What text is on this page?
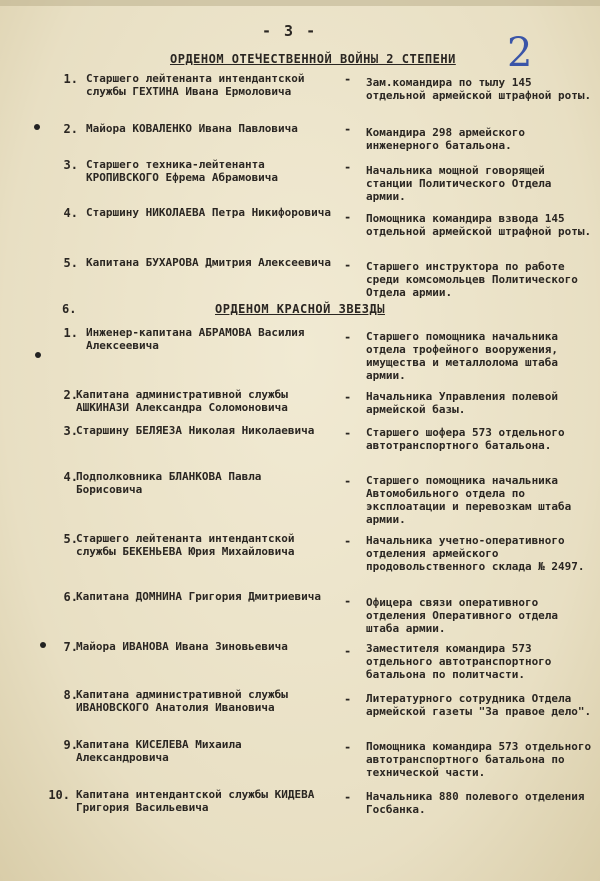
- 3 -	2
ОРДЕНОМ ОТЕЧЕСТВЕННОЙ ВОЙНЫ 2 СТЕПЕНИ
1. Старшего лейтенанта интендантской службы ГЕХТИНА Ивана Ермоловича
- Зам.командира по тылу 145 отдельной армейской штрафной роты.
2. Майора КОВАЛЕНКО Ивана Павловича	- Командира 298 армейского инженерного батальона.
3. Старшего техника-лейтенанта КРОПИВСКОГО Ефрема Абрамовича
- Начальника мощной говорящей станции Политического Отдела армии.
4. Старшину НИКОЛАЕВА Петра Никифоровича	- Помощника командира взвода 145 отдельной армейской штрафной роты.
5. Капитана БУХАРОВА Дмитрия Алексеевича	- Старшего инструктора по работе среди комсомольцев Политического Отдела армии.
6.	ОРДЕНОМ КРАСНОЙ ЗВЕЗДЫ
1. Инженер-капитана АБРАМОВА Василия Алексеевича
- Старшего помощника начальника отдела трофейного вооружения, имущества и металлолома штаба армии.
2.
Капитана административной службы АШКИНАЗИ Александра Соломоновича
- Начальника Управления полевой армейской базы.
3.
Старшину БЕЛЯЕЗА Николая Николаевича	- Старшего шофера 573 отдельного автотранспортного батальона.
4.
Подполковника БЛАНКОВА Павла Борисовича
- Старшего помощника начальника Автомобильного отдела по эксплоатации и перевозкам штаба армии.
5.
Старшего лейтенанта интендантской службы БЕКЕНЬЕВА Юрия Михайловича
- Начальника учетно-оперативного отделения армейского продовольственного склада № 2497.
6.
Капитана ДОМНИНА Григория Дмитриевича	- Офицера связи оперативного отделения Оперативного отдела штаба армии.
7.
Майора ИВАНОВА Ивана Зиновьевича	- Заместителя командира 573 отдельного автотранспортного батальона по политчасти.
8.
Капитана административной службы ИВАНОВСКОГО Анатолия Ивановича
- Литературного сотрудника Отдела армейской газеты "За правое дело".
9.
Капитана КИСЕЛЕВА Михаила Александровича
- Помощника командира 573 отдельного автотранспортного батальона по технической части.
10. Капитана интендантской службы КИДЕВА Григория Васильевича
- Начальника 880 полевого отделения Госбанка.
